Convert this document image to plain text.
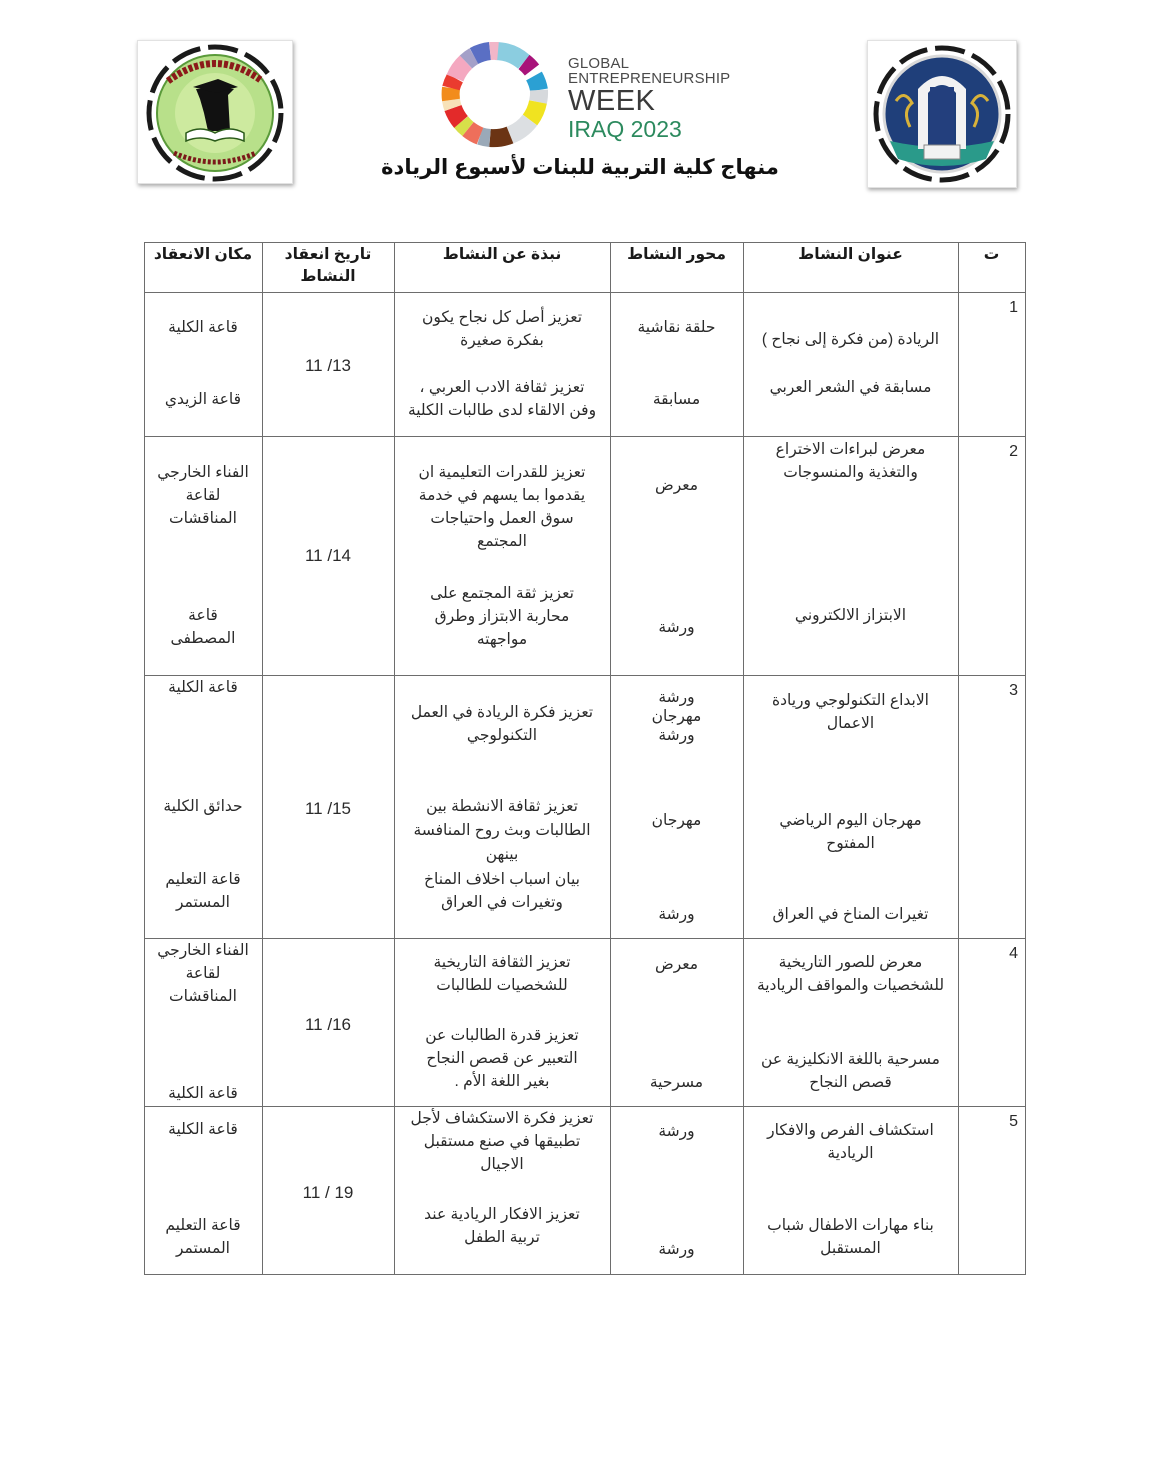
GLOBAL
ENTREPRENEURSHIP
WEEK
IRAQ 2023
منهاج كلية التربية للبنات لأسبوع الريادة
ت
عنوان النشاط
محور النشاط
نبذة عن النشاط
تاريخ انعقاد
النشاط
مكان الانعقاد
1
11 /13
الريادة (من فكرة إلى نجاح )
حلقة نقاشية
تعزيز أصل كل نجاح يكون
بفكرة صغيرة
قاعة الكلية
مسابقة في الشعر العربي
مسابقة
تعزيز ثقافة الادب العربي ،
وفن الالقاء لدى طالبات الكلية
قاعة الزيدي
2
11 /14
معرض لبراءات الاختراع
والتغذية والمنسوجات
معرض
تعزيز للقدرات التعليمية ان
يقدموا بما يسهم في خدمة
سوق العمل واحتياجات
المجتمع
الفناء الخارجي
لقاعة
المناقشات
الابتزاز الالكتروني
ورشة
تعزيز ثقة المجتمع على
محاربة الابتزاز وطرق
مواجهته
قاعة
المصطفى
3
11 /15
الابداع التكنولوجي وريادة
الاعمال
ورشة
مهرجان
ورشة
تعزيز فكرة الريادة في العمل
التكنولوجي
قاعة الكلية
مهرجان اليوم الرياضي
المفتوح
مهرجان
تعزيز ثقافة الانشطة بين
الطالبات وبث روح المنافسة
بينهن
حدائق الكلية
تغيرات المناخ في العراق
ورشة
بيان اسباب اخلاف المناخ
وتغيرات في العراق
قاعة التعليم
المستمر
4
11 /16
معرض للصور التاريخية
للشخصيات والمواقف الريادية
معرض
تعزيز الثقافة التاريخية
للشخصيات للطالبات
الفناء الخارجي
لقاعة
المناقشات
مسرحية باللغة الانكليزية عن
قصص النجاح
مسرحية
تعزيز قدرة الطالبات عن
التعبير عن قصص النجاح
بغير اللغة الأم .
قاعة الكلية
5
11 / 19
استكشاف الفرص والافكار
الريادية
ورشة
تعزيز فكرة الاستكشاف لأجل
تطبيقها في صنع مستقبل
الاجيال
قاعة الكلية
بناء مهارات الاطفال شباب
المستقبل
ورشة
تعزيز الافكار الريادية عند
تربية الطفل
قاعة التعليم
المستمر
